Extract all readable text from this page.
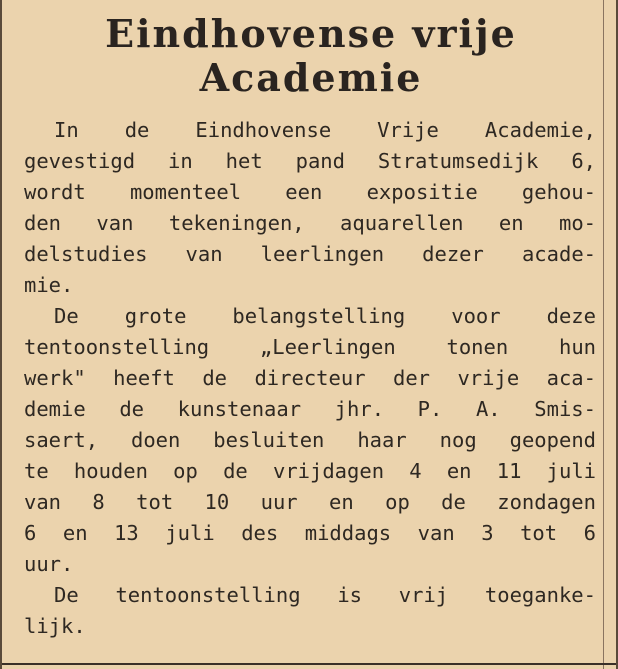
Eindhovense vrije
Academie
In de Eindhovense Vrije Academie,
gevestigd in het pand Stratumsedijk 6,
wordt momenteel een expositie gehou-
den van tekeningen, aquarellen en mo-
delstudies van leerlingen dezer acade-
mie.
De grote belangstelling voor deze
tentoonstelling „Leerlingen tonen hun
werk" heeft de directeur der vrije aca-
demie de kunstenaar jhr. P. A. Smis-
saert, doen besluiten haar nog geopend
te houden op de vrijdagen 4 en 11 juli
van 8 tot 10 uur en op de zondagen
6 en 13 juli des middags van 3 tot 6
uur.
De tentoonstelling is vrij toeganke-
lijk.
